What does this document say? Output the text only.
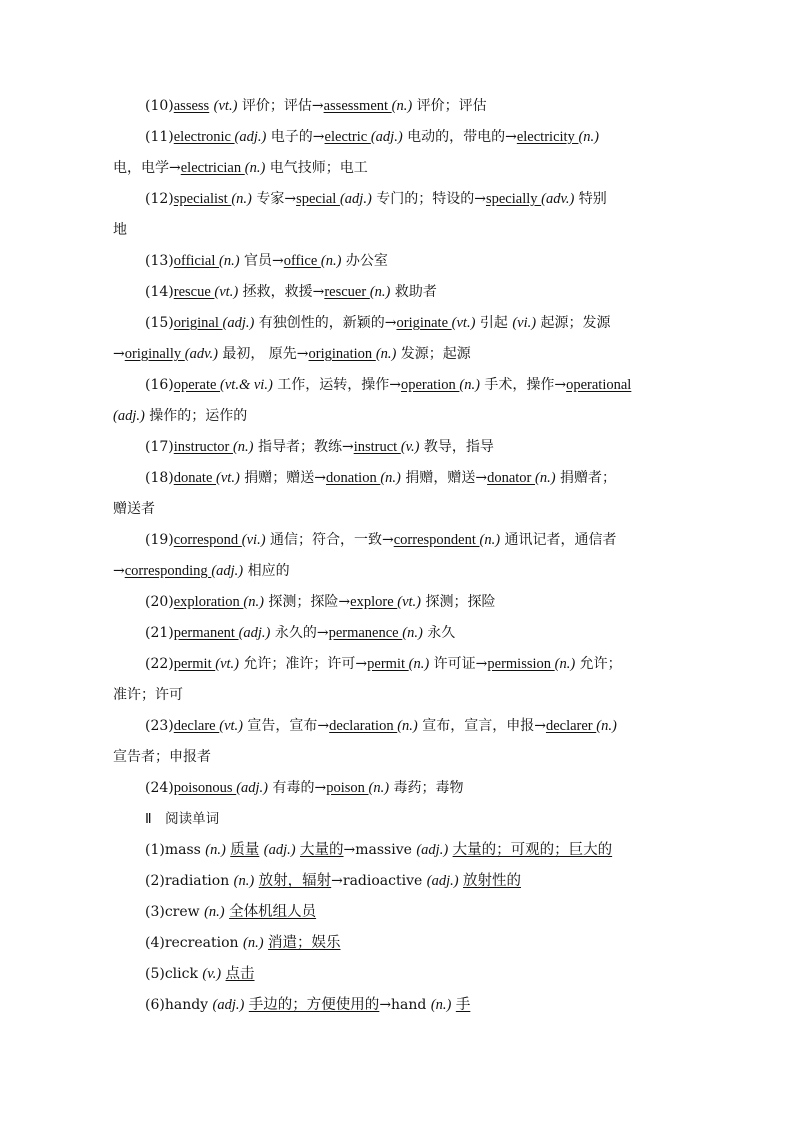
(10)assess (vt.) 评价；评估→assessment (n.) 评价；评估
(11)electronic (adj.) 电子的→electric (adj.) 电动的，带电的→electricity (n.)
电，电学→electrician (n.) 电气技师；电工
(12)specialist (n.) 专家→special (adj.) 专门的；特设的→specially (adv.) 特别
地
(13)official (n.) 官员→office (n.) 办公室
(14)rescue (vt.) 拯救，救援→rescuer (n.) 救助者
(15)original (adj.) 有独创性的，新颖的→originate (vt.) 引起 (vi.) 起源；发源
→originally (adv.) 最初， 原先→origination (n.) 发源；起源
(16)operate (vt.& vi.) 工作，运转，操作→operation (n.) 手术，操作→operational
(adj.) 操作的；运作的
(17)instructor (n.) 指导者；教练→instruct (v.) 教导，指导
(18)donate (vt.) 捐赠；赠送→donation (n.) 捐赠，赠送→donator (n.) 捐赠者；
赠送者
(19)correspond (vi.) 通信；符合，一致→correspondent (n.) 通讯记者，通信者
→corresponding (adj.) 相应的
(20)exploration (n.) 探测；探险→explore (vt.) 探测；探险
(21)permanent (adj.) 永久的→permanence (n.) 永久
(22)permit (vt.) 允许；准许；许可→permit (n.) 许可证→permission (n.) 允许；
准许；许可
(23)declare (vt.) 宣告，宣布→declaration (n.) 宣布，宣言，申报→declarer (n.)
宣告者；申报者
(24)poisonous (adj.) 有毒的→poison (n.) 毒药；毒物
Ⅱ　阅读单词
(1)mass (n.) 质量 (adj.) 大量的→massive (adj.) 大量的；可观的；巨大的
(2)radiation (n.) 放射，辐射→radioactive (adj.) 放射性的
(3)crew (n.) 全体机组人员
(4)recreation (n.) 消遣；娱乐
(5)click (v.) 点击
(6)handy (adj.) 手边的；方便使用的→hand (n.) 手
